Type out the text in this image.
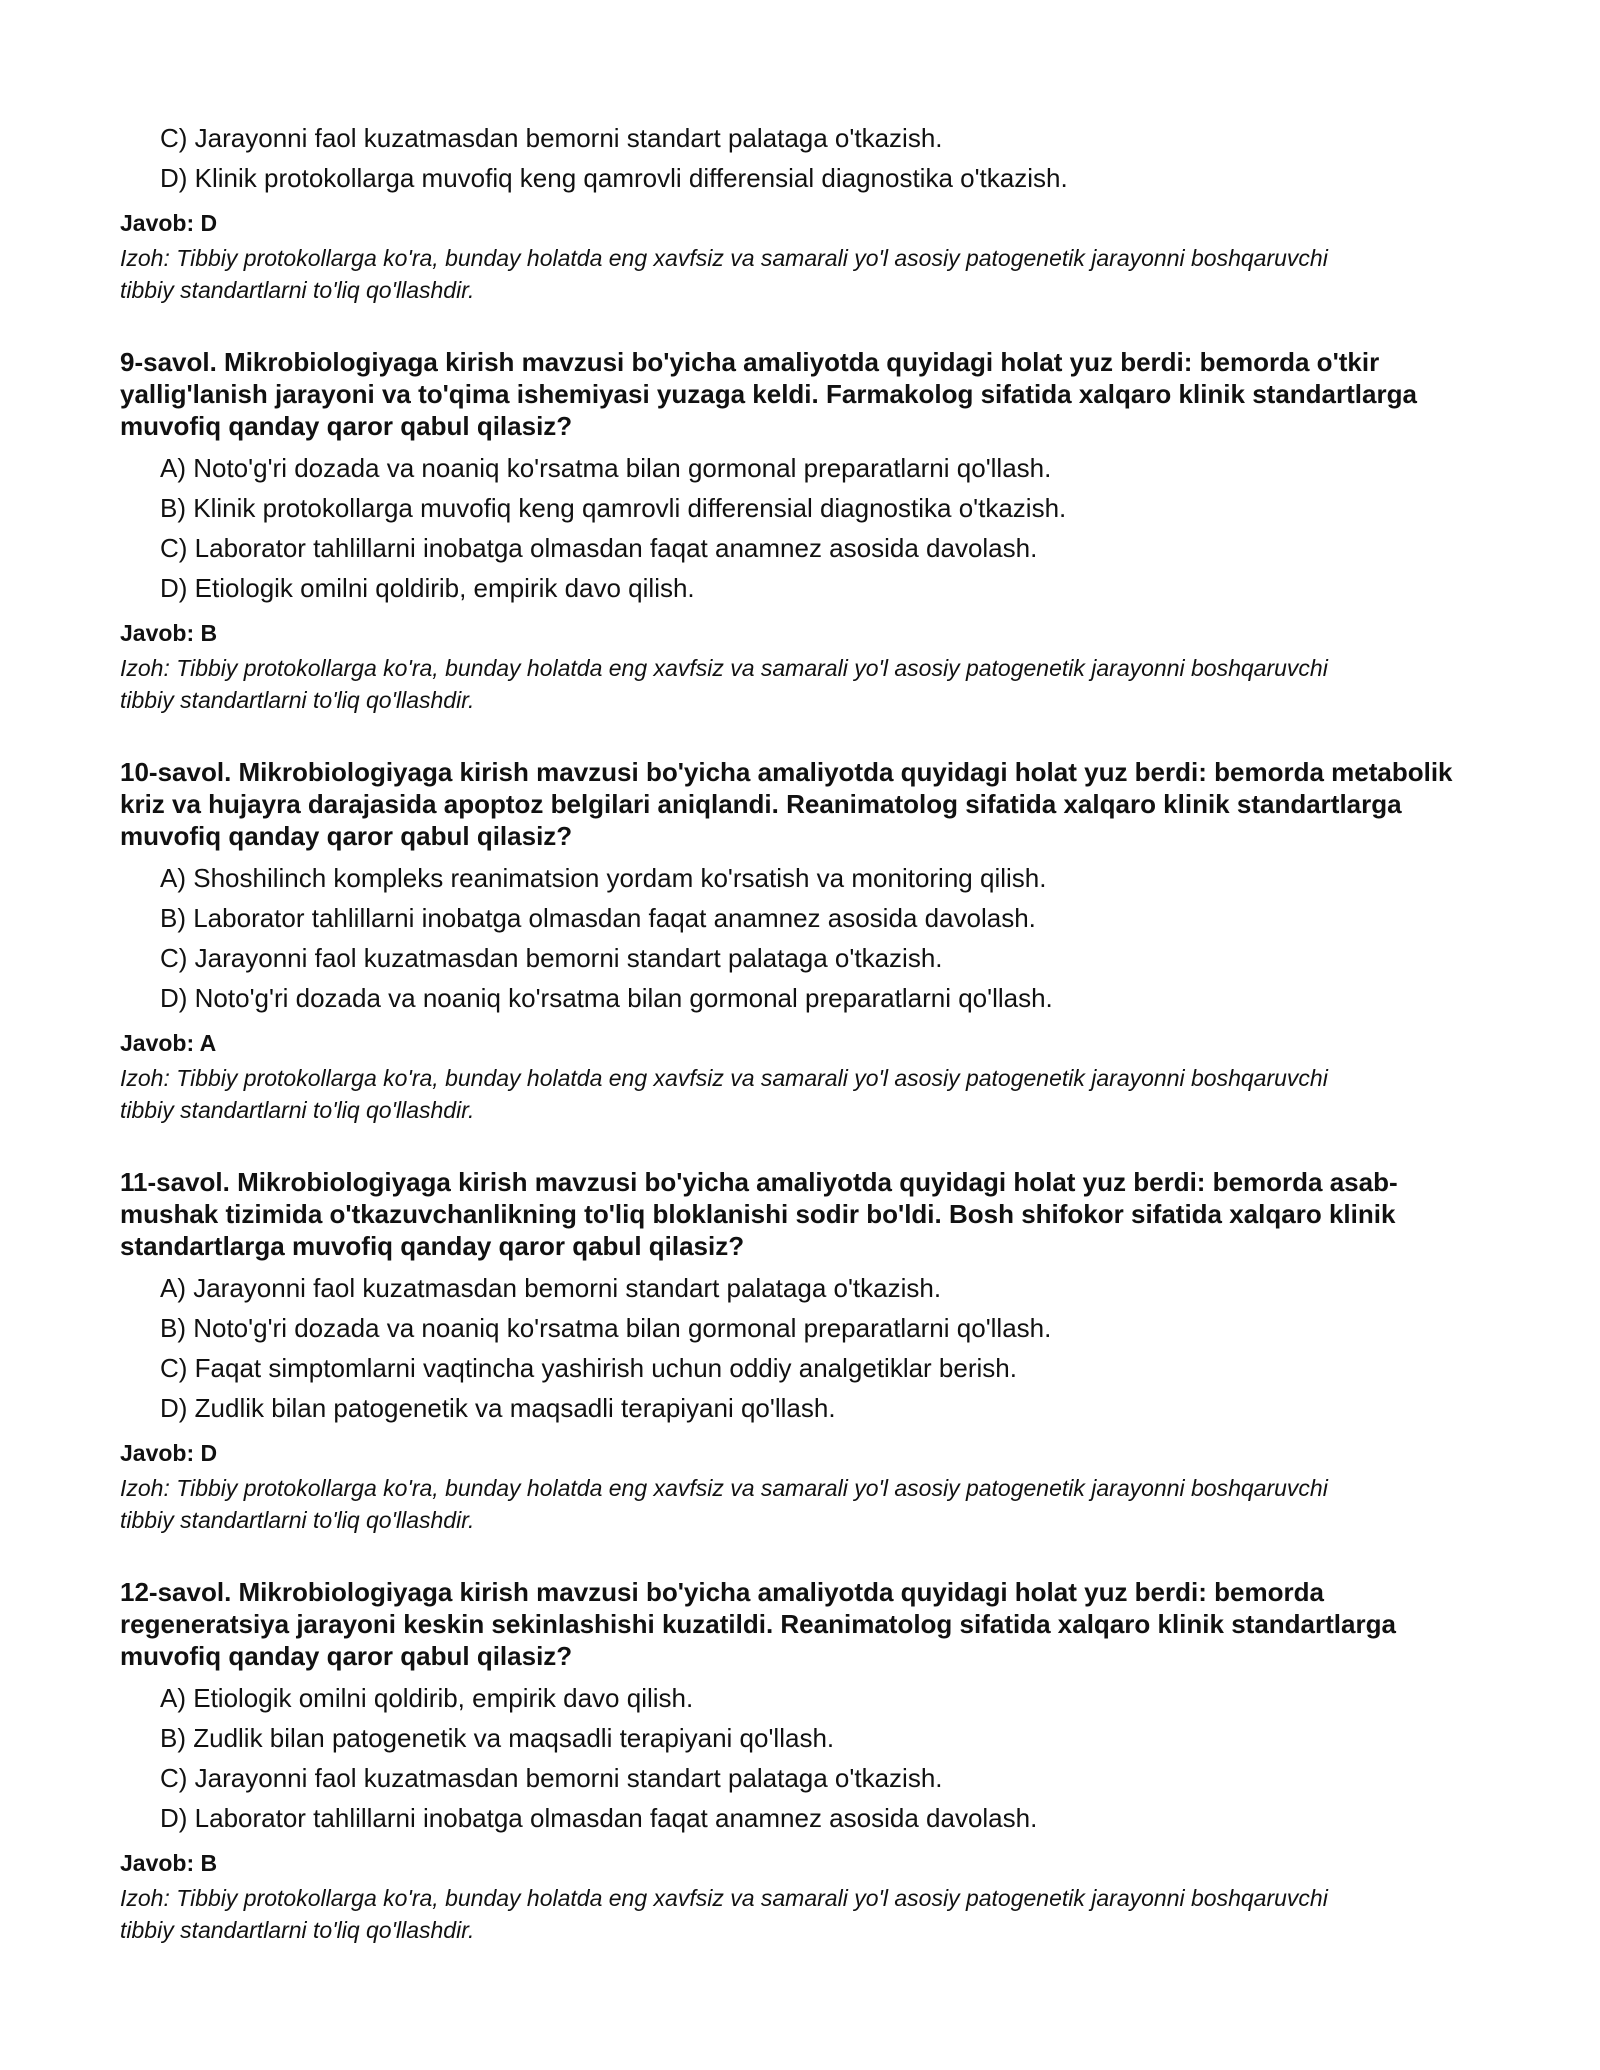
C) Jarayonni faol kuzatmasdan bemorni standart palataga o'tkazish.
D) Klinik protokollarga muvofiq keng qamrovli differensial diagnostika o'tkazish.
Javob: D
Izoh: Tibbiy protokollarga ko'ra, bunday holatda eng xavfsiz va samarali yo'l asosiy patogenetik jarayonni boshqaruvchi tibbiy standartlarni to'liq qo'llashdir.

9-savol. Mikrobiologiyaga kirish mavzusi bo'yicha amaliyotda quyidagi holat yuz berdi: bemorda o'tkir yallig'lanish jarayoni va to'qima ishemiyasi yuzaga keldi. Farmakolog sifatida xalqaro klinik standartlarga muvofiq qanday qaror qabul qilasiz?

A) Noto'g'ri dozada va noaniq ko'rsatma bilan gormonal preparatlarni qo'llash.
B) Klinik protokollarga muvofiq keng qamrovli differensial diagnostika o'tkazish.
C) Laborator tahlillarni inobatga olmasdan faqat anamnez asosida davolash.
D) Etiologik omilni qoldirib, empirik davo qilish.
Javob: B
Izoh: Tibbiy protokollarga ko'ra, bunday holatda eng xavfsiz va samarali yo'l asosiy patogenetik jarayonni boshqaruvchi tibbiy standartlarni to'liq qo'llashdir.

10-savol. Mikrobiologiyaga kirish mavzusi bo'yicha amaliyotda quyidagi holat yuz berdi: bemorda metabolik kriz va hujayra darajasida apoptoz belgilari aniqlandi. Reanimatolog sifatida xalqaro klinik standartlarga muvofiq qanday qaror qabul qilasiz?

A) Shoshilinch kompleks reanimatsion yordam ko'rsatish va monitoring qilish.
B) Laborator tahlillarni inobatga olmasdan faqat anamnez asosida davolash.
C) Jarayonni faol kuzatmasdan bemorni standart palataga o'tkazish.
D) Noto'g'ri dozada va noaniq ko'rsatma bilan gormonal preparatlarni qo'llash.
Javob: A
Izoh: Tibbiy protokollarga ko'ra, bunday holatda eng xavfsiz va samarali yo'l asosiy patogenetik jarayonni boshqaruvchi tibbiy standartlarni to'liq qo'llashdir.

11-savol. Mikrobiologiyaga kirish mavzusi bo'yicha amaliyotda quyidagi holat yuz berdi: bemorda asab-mushak tizimida o'tkazuvchanlikning to'liq bloklanishi sodir bo'ldi. Bosh shifokor sifatida xalqaro klinik standartlarga muvofiq qanday qaror qabul qilasiz?

A) Jarayonni faol kuzatmasdan bemorni standart palataga o'tkazish.
B) Noto'g'ri dozada va noaniq ko'rsatma bilan gormonal preparatlarni qo'llash.
C) Faqat simptomlarni vaqtincha yashirish uchun oddiy analgetiklar berish.
D) Zudlik bilan patogenetik va maqsadli terapiyani qo'llash.
Javob: D
Izoh: Tibbiy protokollarga ko'ra, bunday holatda eng xavfsiz va samarali yo'l asosiy patogenetik jarayonni boshqaruvchi tibbiy standartlarni to'liq qo'llashdir.

12-savol. Mikrobiologiyaga kirish mavzusi bo'yicha amaliyotda quyidagi holat yuz berdi: bemorda regeneratsiya jarayoni keskin sekinlashishi kuzatildi. Reanimatolog sifatida xalqaro klinik standartlarga muvofiq qanday qaror qabul qilasiz?

A) Etiologik omilni qoldirib, empirik davo qilish.
B) Zudlik bilan patogenetik va maqsadli terapiyani qo'llash.
C) Jarayonni faol kuzatmasdan bemorni standart palataga o'tkazish.
D) Laborator tahlillarni inobatga olmasdan faqat anamnez asosida davolash.
Javob: B
Izoh: Tibbiy protokollarga ko'ra, bunday holatda eng xavfsiz va samarali yo'l asosiy patogenetik jarayonni boshqaruvchi tibbiy standartlarni to'liq qo'llashdir.
